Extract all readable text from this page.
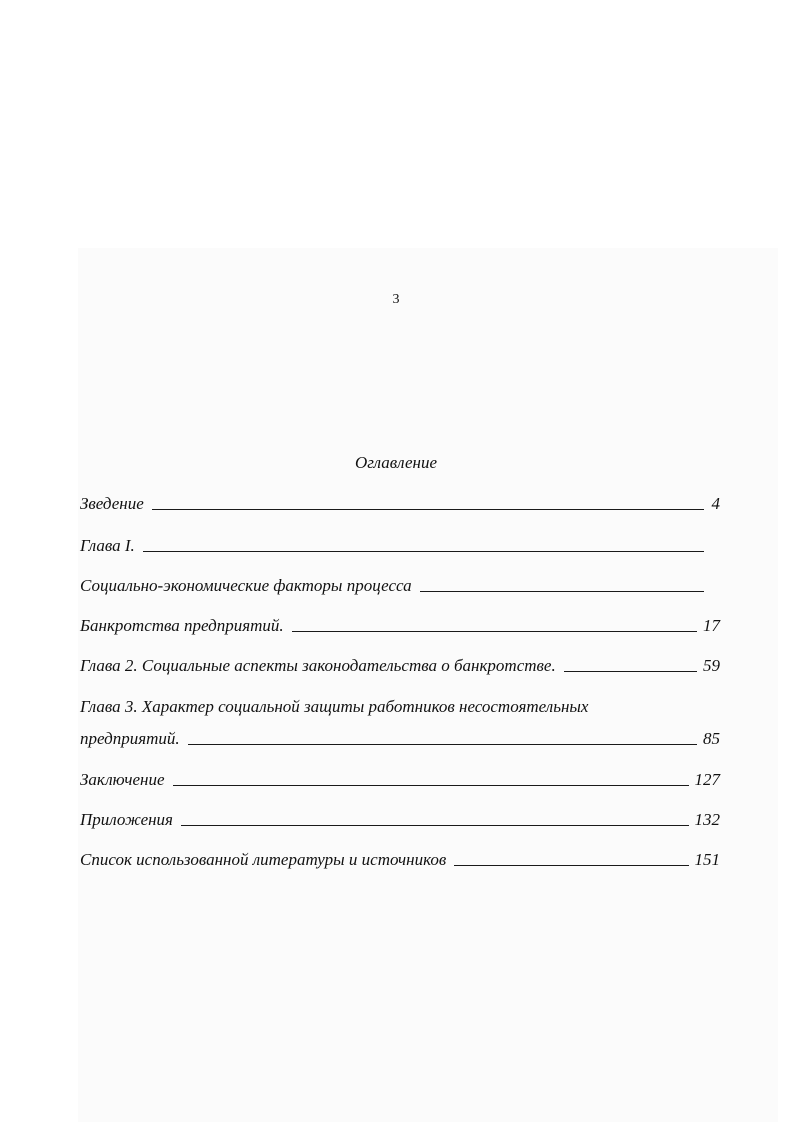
3
Оглавление
Зведение	4
Глава I.
Социально-экономические факторы процесса
Банкротства предприятий.	17
Глава 2. Социальные аспекты законодательства о банкротстве.	59
Глава 3. Характер социальной защиты работников несостоятельных
предприятий.	85
Заключение	127
Приложения	132
Список использованной литературы и источников	151
